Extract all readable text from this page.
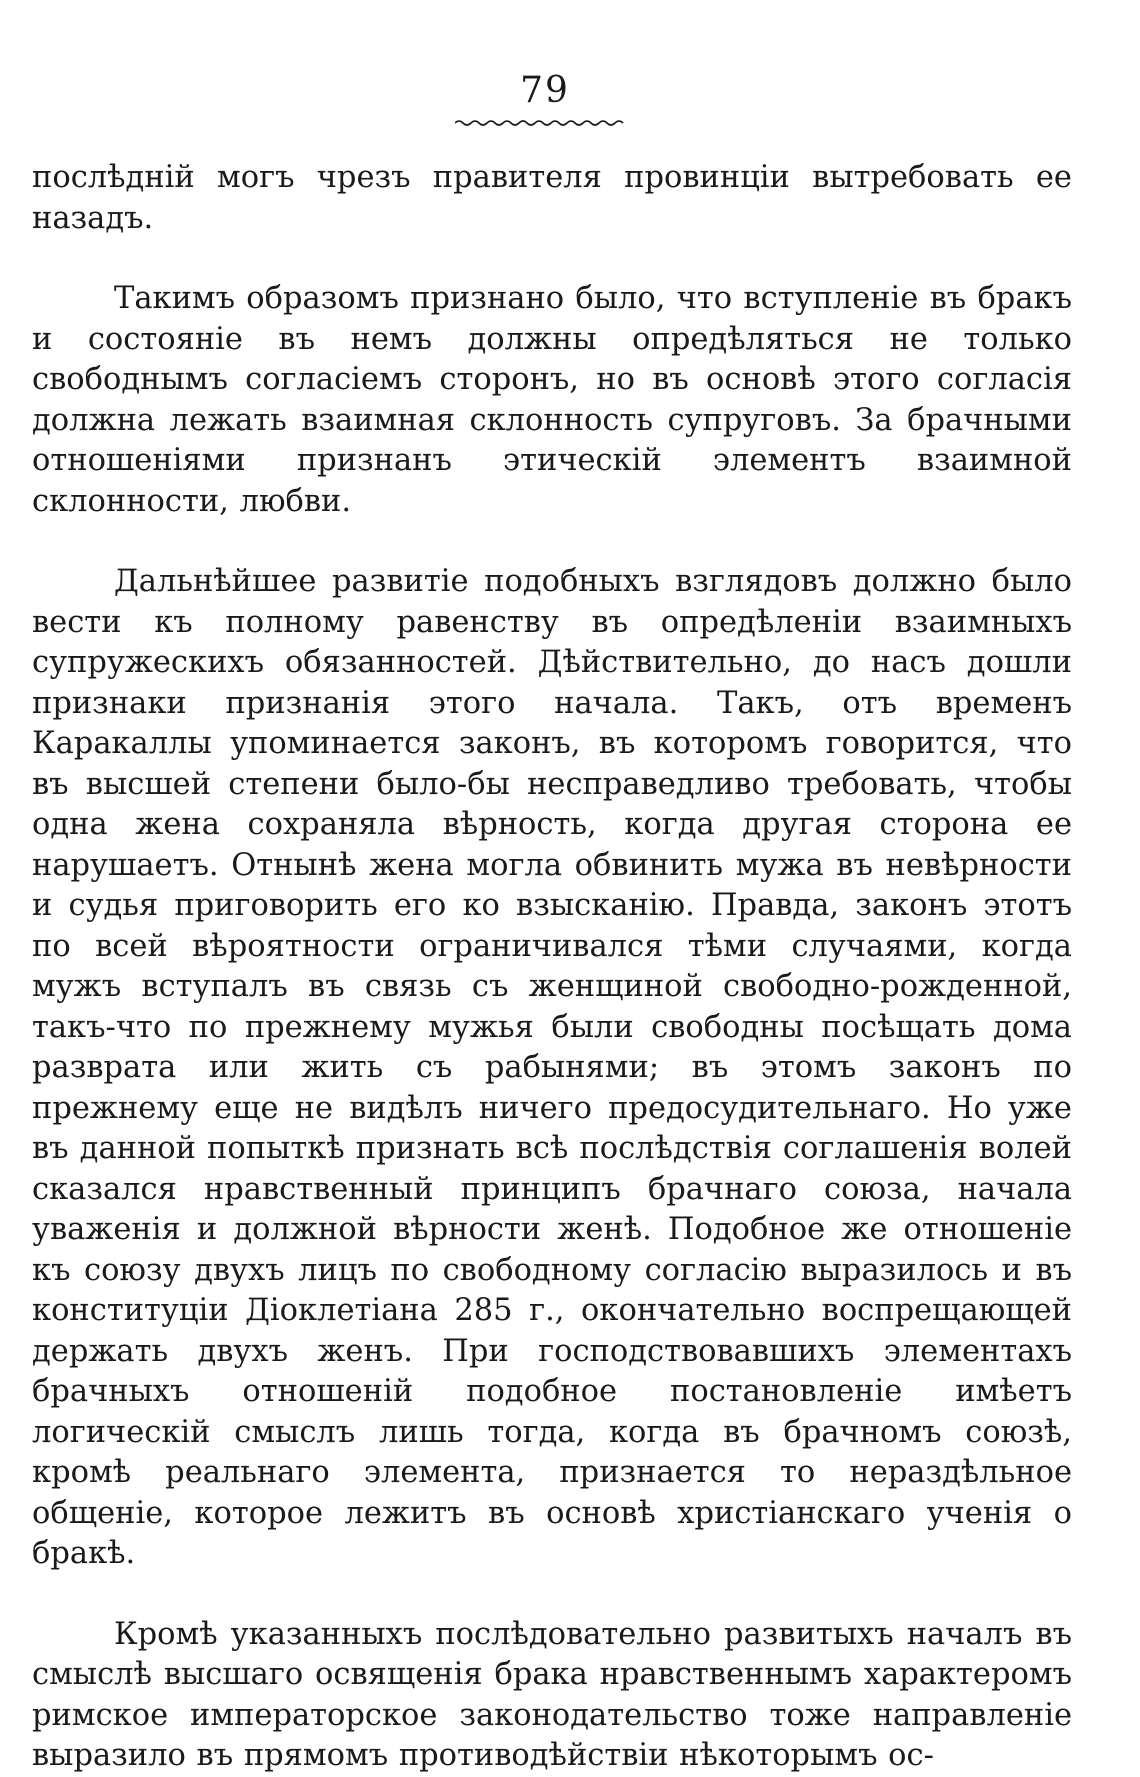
79

послѣдній могъ чрезъ правителя провинціи вытребовать ее назадъ.

Такимъ образомъ признано было, что вступленіе въ бракъ и состояніе въ немъ должны опредѣляться не только свободнымъ согласіемъ сторонъ, но въ основѣ этого согласія должна лежать взаимная склонность супруговъ. За брачными отношеніями признанъ этическій элементъ взаимной склонности, любви.

Дальнѣйшее развитіе подобныхъ взглядовъ должно было вести къ полному равенству въ опредѣленіи взаимныхъ супружескихъ обязанностей. Дѣйствительно, до насъ дошли признаки признанія этого начала. Такъ, отъ временъ Каракаллы упоминается законъ, въ которомъ говорится, что въ высшей степени было-бы несправедливо требовать, чтобы одна жена сохраняла вѣрность, когда другая сторона ее нарушаетъ. Отнынѣ жена могла обвинить мужа въ невѣрности и судья приговорить его ко взысканію. Правда, законъ этотъ по всей вѣроятности ограничивался тѣми случаями, когда мужъ вступалъ въ связь съ женщиной свободно-рожденной, такъ-что по прежнему мужья были свободны посѣщать дома разврата или жить съ рабынями; въ этомъ законъ по прежнему еще не видѣлъ ничего предосудительнаго. Но уже въ данной попыткѣ признать всѣ послѣдствія соглашенія волей сказался нравственный принципъ брачнаго союза, начала уваженія и должной вѣрности женѣ. Подобное же отношеніе къ союзу двухъ лицъ по свободному согласію выразилось и въ конституціи Діоклетіана 285 г., окончательно воспрещающей держать двухъ женъ. При господствовавшихъ элементахъ брачныхъ отношеній подобное постановленіе имѣетъ логическій смыслъ лишь тогда, когда въ брачномъ союзѣ, кромѣ реальнаго элемента, признается то нераздѣльное общеніе, которое лежитъ въ основѣ христіанскаго ученія о бракѣ.

Кромѣ указанныхъ послѣдовательно развитыхъ началъ въ смыслѣ высшаго освященія брака нравственнымъ характеромъ римское императорское законодательство тоже направленіе выразило въ прямомъ противодѣйствіи нѣкоторымъ ос-
